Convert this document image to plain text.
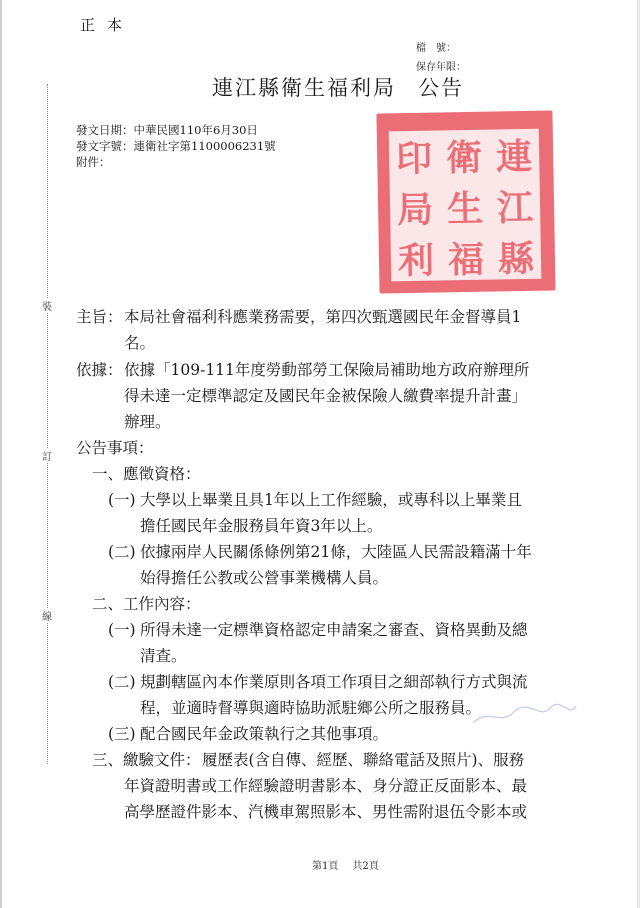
裝
訂
線
正本
檔　號：
保存年限：
連江縣衛生福利局 公告
發文日期：中華民國110年6月30日
發文字號：連衛社字第1100006231號
附件：	印 衛 連
局 生 江
利 福 縣
主旨： 本局社會福利科應業務需要，第四次甄選國民年金督導員1
名。
依據： 依據「109-111年度勞動部勞工保險局補助地方政府辦理所
得未達一定標準認定及國民年金被保險人繳費率提升計畫」
辦理。
公告事項：
一、應徵資格：
(一) 大學以上畢業且具1年以上工作經驗，或專科以上畢業且
擔任國民年金服務員年資3年以上。
(二) 依據兩岸人民關係條例第21條，大陸區人民需設籍滿十年
始得擔任公教或公營事業機構人員。
二、工作內容：
(一) 所得未達一定標準資格認定申請案之審查、資格異動及總
清查。
(二) 規劃轄區內本作業原則各項工作項目之細部執行方式與流
程，並適時督導與適時協助派駐鄉公所之服務員。
(三) 配合國民年金政策執行之其他事項。
三、繳驗文件： 履歷表(含自傳、經歷、聯絡電話及照片)、服務
年資證明書或工作經驗證明書影本、身分證正反面影本、最
高學歷證件影本、汽機車駕照影本、男性需附退伍令影本或
第1頁 共2頁
